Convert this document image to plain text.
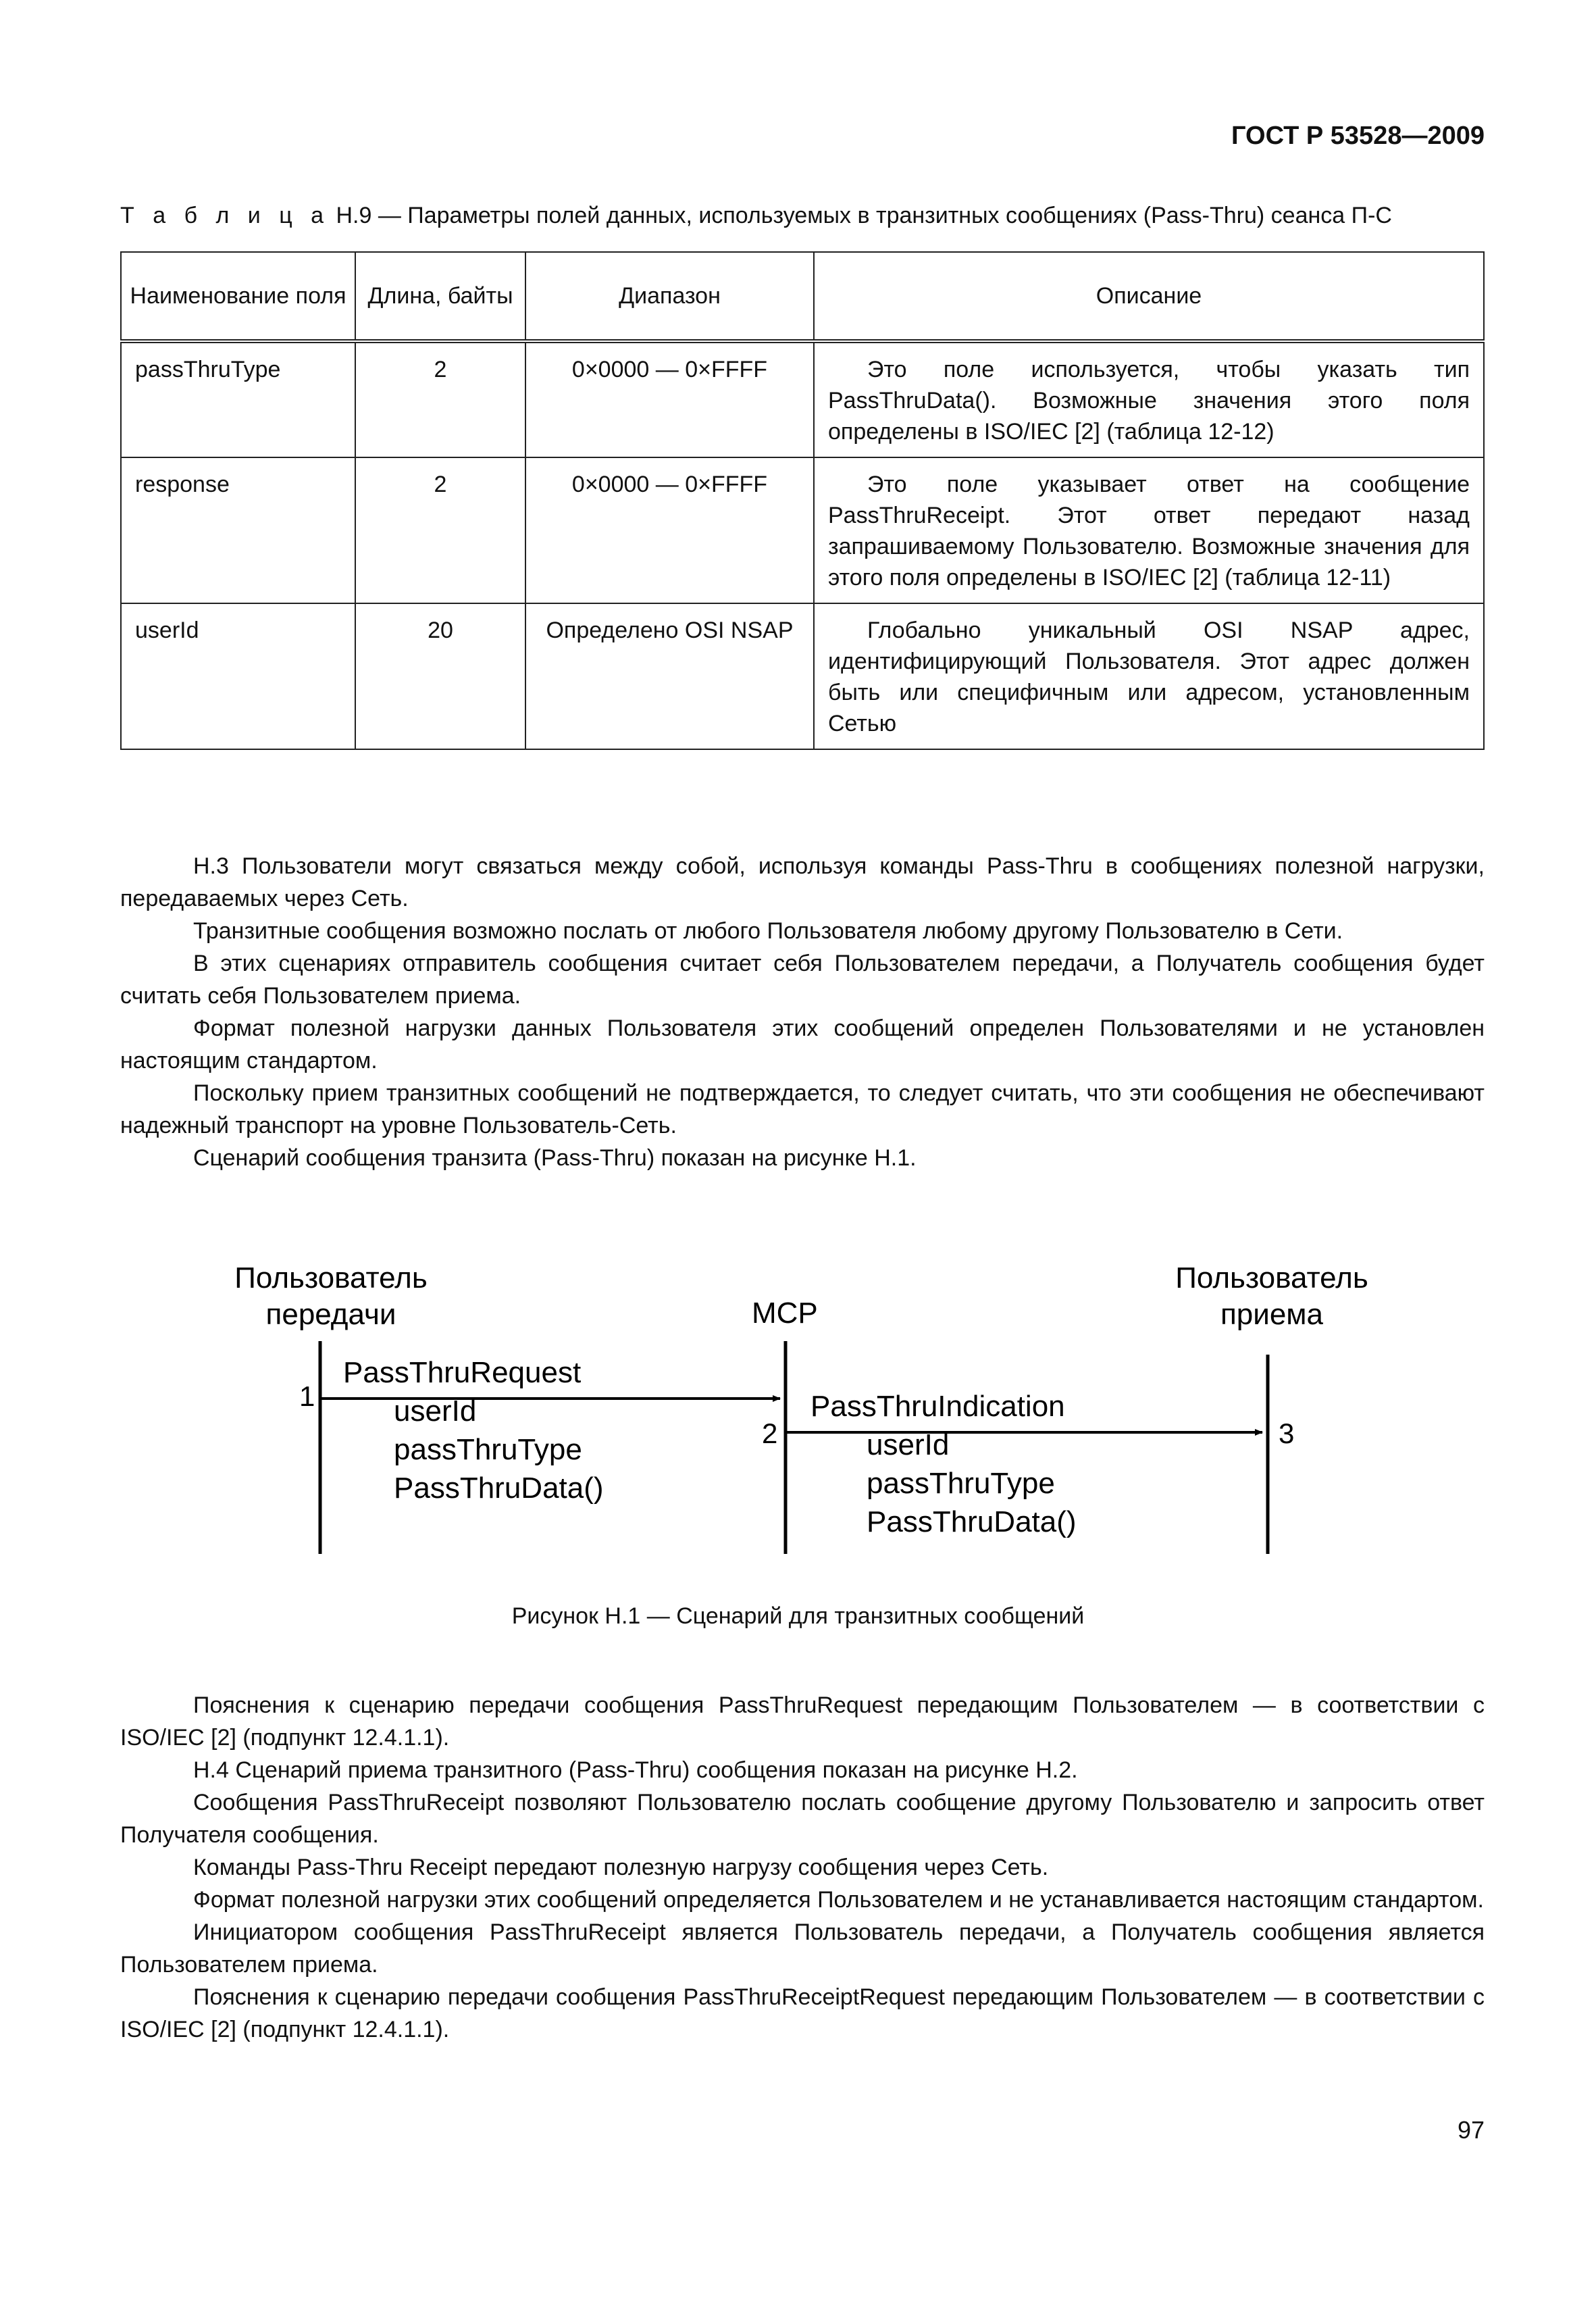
ГОСТ Р 53528—2009
Т а б л и ц а Н.9 — Параметры полей данных, используемых в транзитных сообщениях (Pass-Thru) сеанса П-С
Наименование поля	Длина, байты	Диапазон	Описание
passThruType	2	0×0000 — 0×FFFF	Это поле используется, чтобы указать тип PassThruData(). Возможные значения этого поля определены в ISO/IEC [2] (таблица 12-12)
response	2	0×0000 — 0×FFFF	Это поле указывает ответ на сообщение PassThruReceipt. Этот ответ передают назад запрашиваемому Пользователю. Возможные значения для этого поля определены в ISO/IEC [2] (таблица 12-11)
userId	20	Определено OSI NSAP	Глобально уникальный OSI NSAP адрес, идентифицирующий Пользователя. Этот адрес должен быть или специфичным или адресом, установленным Сетью

Н.3 Пользователи могут связаться между собой, используя команды Pass-Thru в сообщениях полезной нагрузки, передаваемых через Сеть.

Транзитные сообщения возможно послать от любого Пользователя любому другому Пользователю в Сети.

В этих сценариях отправитель сообщения считает себя Пользователем передачи, а Получатель сообщения будет считать себя Пользователем приема.

Формат полезной нагрузки данных Пользователя этих сообщений определен Пользователями и не установлен настоящим стандартом.

Поскольку прием транзитных сообщений не подтверждается, то следует считать, что эти сообщения не обеспечивают надежный транспорт на уровне Пользователь-Сеть.

Сценарий сообщения транзита (Pass-Thru) показан на рисунке Н.1.

Пользователь
передачи	MCP
Пользователь
приема
1
2	3
PassThruRequest
userId
passThruType
PassThruData()
PassThruIndication
userId
passThruType
PassThruData()
Рисунок Н.1 — Сценарий для транзитных сообщений

Пояснения к сценарию передачи сообщения PassThruRequest передающим Пользователем — в соответствии с ISO/IEC [2] (подпункт 12.4.1.1).

Н.4 Сценарий приема транзитного (Pass-Thru) сообщения показан на рисунке Н.2.

Сообщения PassThruReceipt позволяют Пользователю послать сообщение другому Пользователю и запросить ответ Получателя сообщения.

Команды Pass-Thru Receipt передают полезную нагрузу сообщения через Сеть.

Формат полезной нагрузки этих сообщений определяется Пользователем и не устанавливается настоящим стандартом.

Инициатором сообщения PassThruReceipt является Пользователь передачи, а Получатель сообщения является Пользователем приема.

Пояснения к сценарию передачи сообщения PassThruReceiptRequest передающим Пользователем — в соответствии с ISO/IEC [2] (подпункт 12.4.1.1).

97
